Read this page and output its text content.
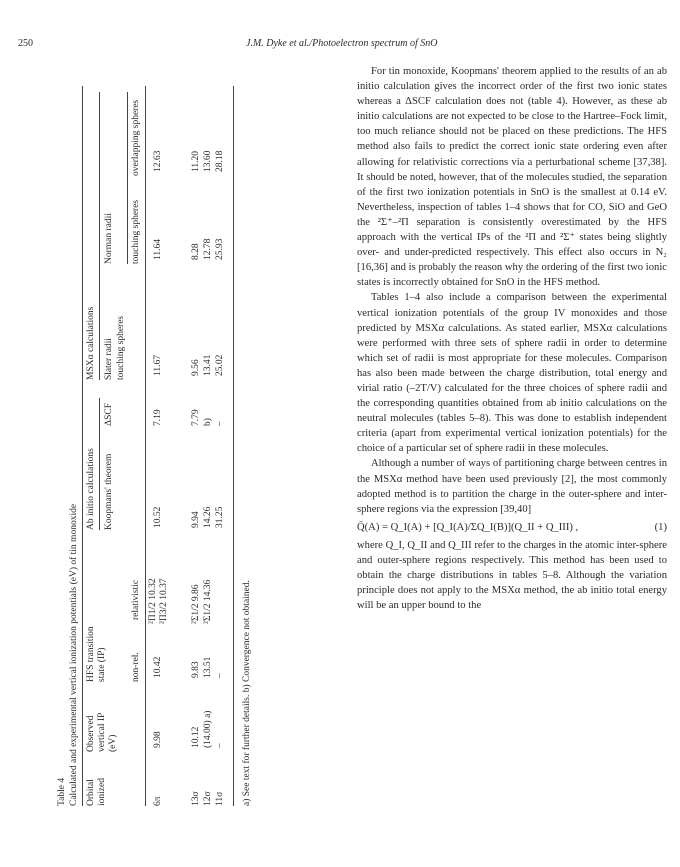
250	J.M. Dyke et al./Photoelectron spectrum of SnO
Table 4 Calculated and experimental vertical ionization potentials (eV) of tin monoxide Orbital ionized
Observed vertical IP (eV)
HFS transition state (IP)
Ab initio calculations Koopmans' theorem
ΔSCF
MSXα calculations Slater radii touching spheres
Norman radii touching spheres
overlapping spheres
non-rel.
relativistic
6π
9.98
10.42
²Π1/2 10.32
²Π3/2 10.37
10.52
7.19
11.67
11.64
12.63
13σ
10.12
9.83
²Σ1/2 9.86
9.94
7.79
9.56
8.28
11.20
12σ
(14.00) a)
13.51
²Σ1/2 14.36
14.26
b)
13.41
12.78
13.60
11σ
–
–
31.25
–
25.02
25.93
28.18
a) See text for further details. b) Convergence not obtained.

For tin monoxide, Koopmans' theorem applied to the results of an ab initio calculation gives the incorrect order of the first two ionic states whereas a ΔSCF calculation does not (table 4). However, as these ab initio calculations are not expected to be close to the Hartree–Fock limit, too much reliance should not be placed on these predictions. The HFS method also fails to predict the correct ionic state ordering even after allowing for relativistic corrections via a perturbational scheme [37,38]. It should be noted, however, that of the molecules studied, the separation of the first two ionization potentials in SnO is the smallest at 0.14 eV. Nevertheless, inspection of tables 1–4 shows that for CO, SiO and GeO the ²Σ⁺–²Π separation is consistently overestimated by the HFS approach with the vertical IPs of the ²Π and ²Σ⁺ states being slightly over- and under-predicted respectively. This effect also occurs in N₂ [16,36] and is probably the reason why the ordering of the first two ionic states is incorrectly obtained for SnO in the HFS method.

Tables 1–4 also include a comparison between the experimental vertical ionization potentials of the group IV monoxides and those predicted by MSXα calculations. As stated earlier, MSXα calculations were performed with three sets of sphere radii in order to determine which set of radii is most appropriate for these molecules. Comparison has also been made between the charge distribution, total energy and virial ratio (–2T/V) calculated for the three choices of sphere radii and the corresponding quantities obtained from ab initio calculations on the neutral molecules (tables 5–8). This was done to establish independent criteria (apart from experimental vertical ionization potentials) for the choice of a particular set of sphere radii in these molecules.

Although a number of ways of partitioning charge between centres in the MSXα method have been used previously [2], the most commonly adopted method is to partition the charge in the outer-sphere and inter-sphere regions via the expression [39,40]

Q̄(A) = Q_I(A) + [Q_I(A)/ΣQ_I(B)](Q_II + Q_III) ,	(1)

where Q_I, Q_II and Q_III refer to the charges in the atomic inter-sphere and outer-sphere regions respectively. This method has been used to obtain the charge distributions in tables 5–8. Although the variation principle does not apply to the MSXα method, the ab initio total energy will be an upper bound to the
